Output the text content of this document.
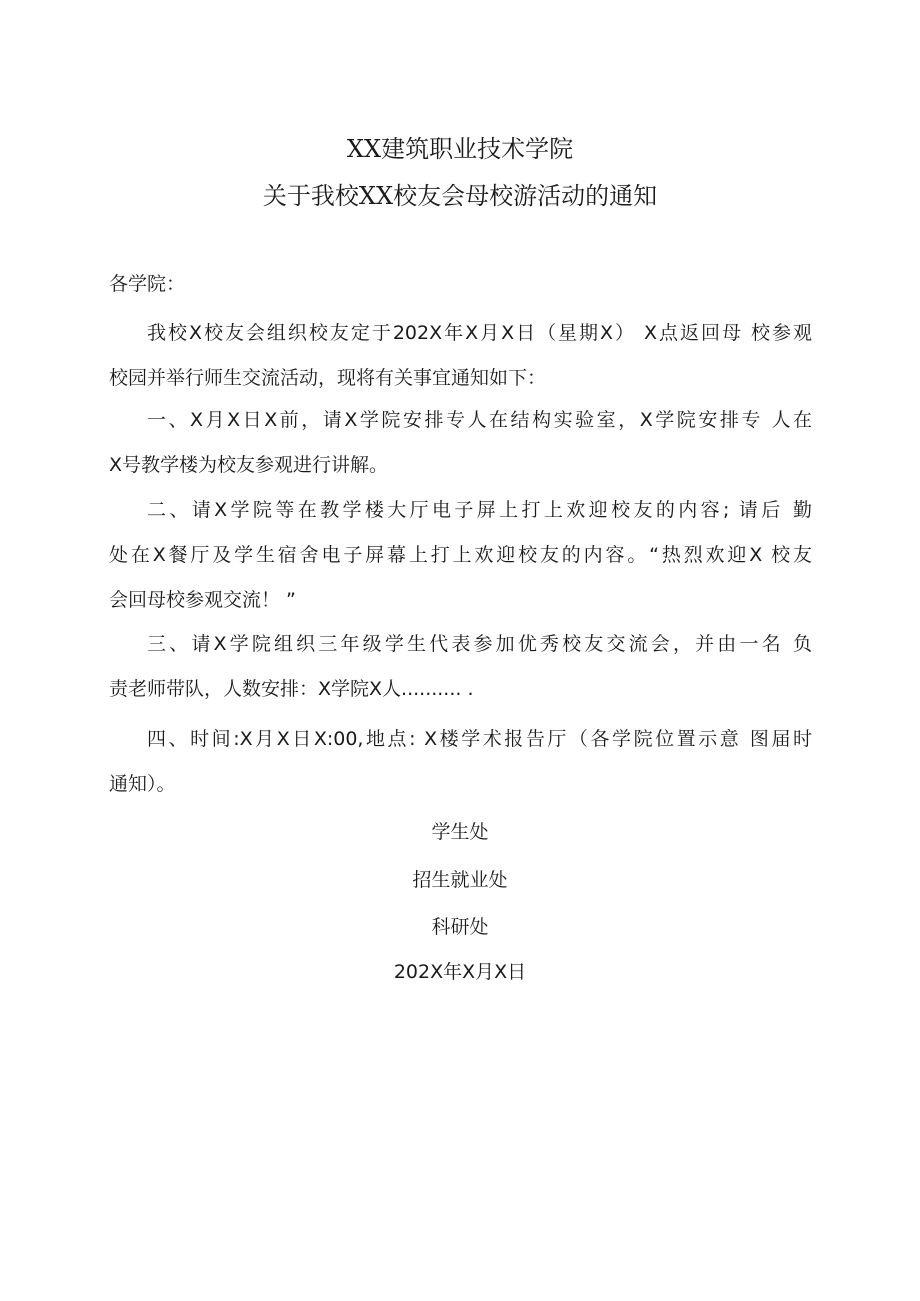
XX建筑职业技术学院
关于我校XX校友会母校游活动的通知
各学院：
我校X校友会组织校友定于202X年X月X日（星期X） X点返回母 校参观
校园并举行师生交流活动，现将有关事宜通知如下：
一、X月X日X前，请X学院安排专人在结构实验室，X学院安排专 人在
X号教学楼为校友参观进行讲解。
二、请X学院等在教学楼大厅电子屏上打上欢迎校友的内容; 请后 勤
处在X餐厅及学生宿舍电子屏幕上打上欢迎校友的内容。“热烈欢迎X 校友
会回母校参观交流！ ”
三、请X学院组织三年级学生代表参加优秀校友交流会，并由一名 负
责老师带队，人数安排：X学院X人.......... .
四、时间:X月X日X:00,地点: X楼学术报告厅（各学院位置示意 图届时
通知）。
学生处
招生就业处
科研处
202X年X月X日
